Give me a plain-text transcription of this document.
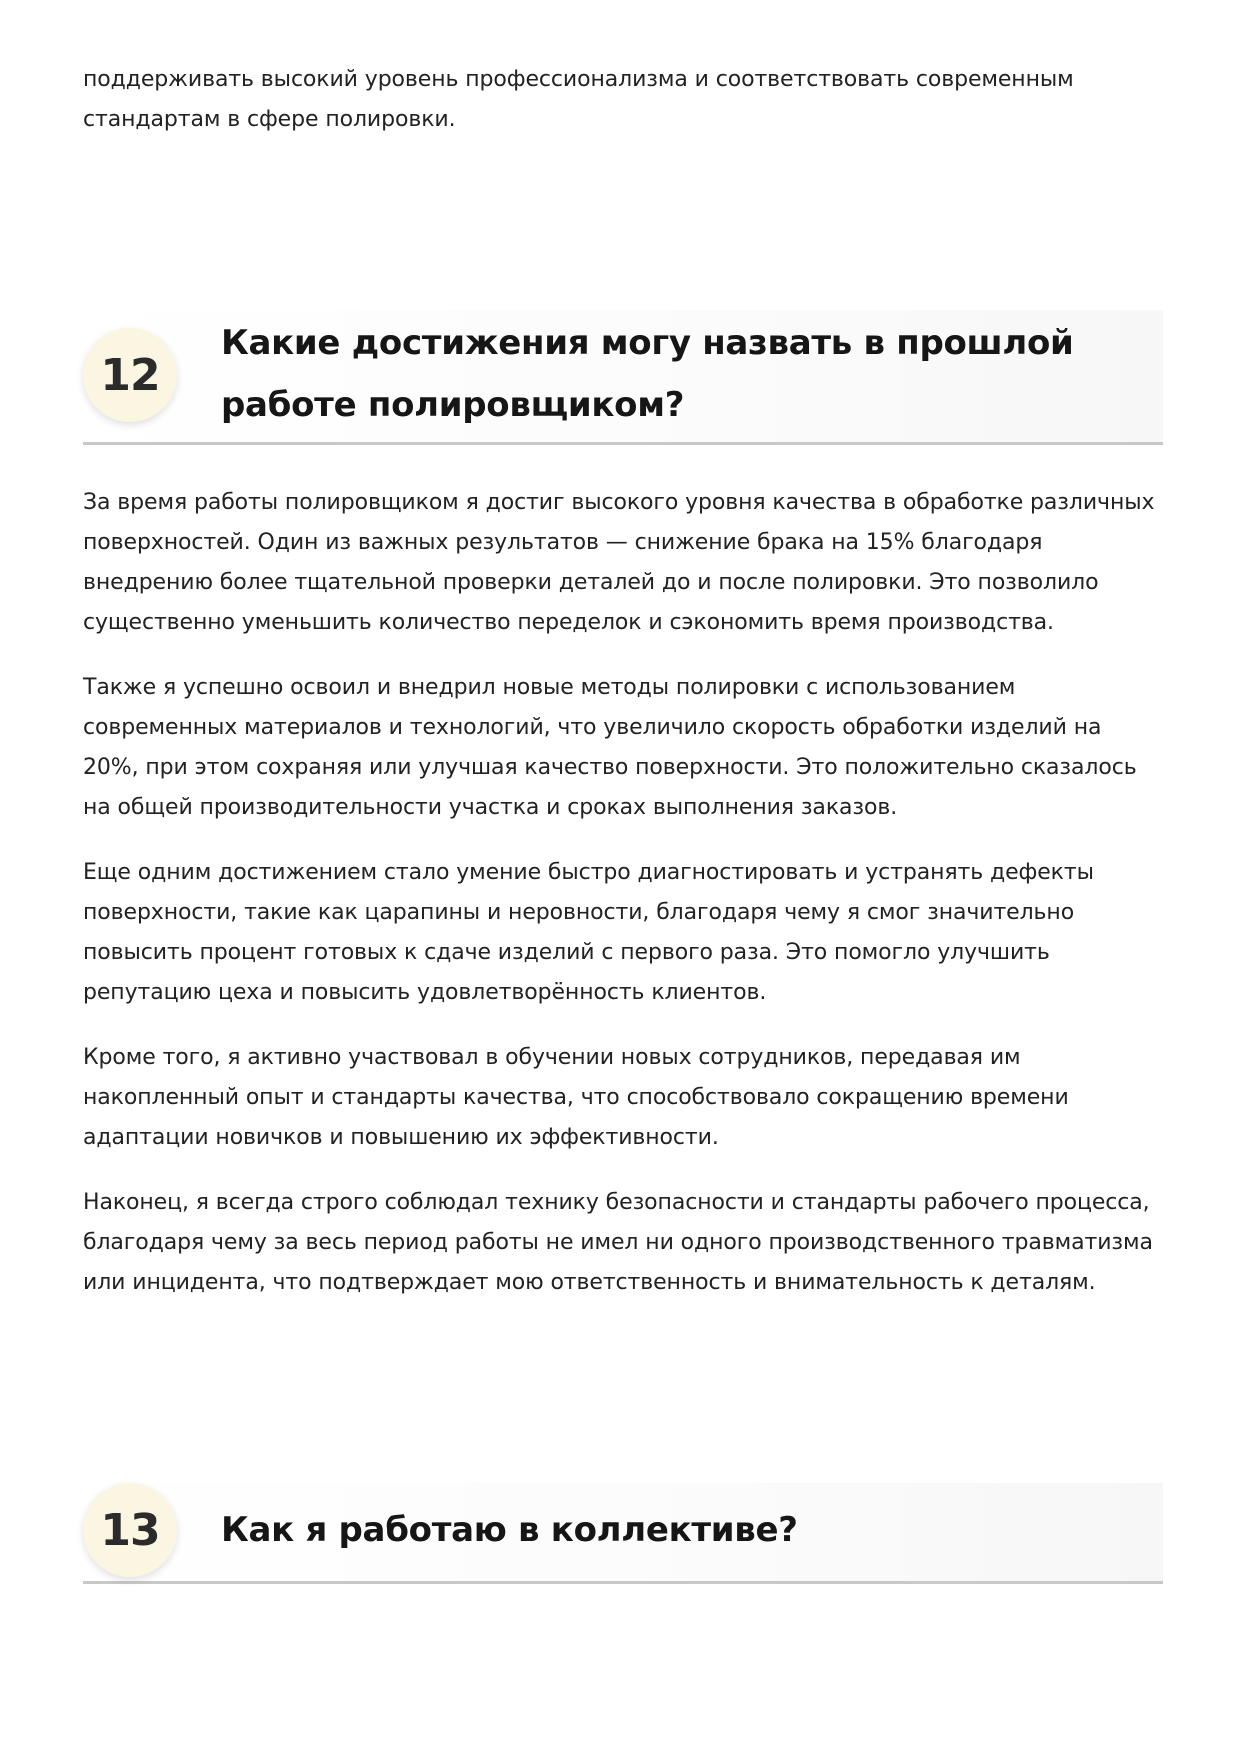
поддерживать высокий уровень профессионализма и соответствовать современным стандартам в сфере полировки.

12
Какие достижения могу назвать в прошлой работе полировщиком?

За время работы полировщиком я достиг высокого уровня качества в обработке различных поверхностей. Один из важных результатов — снижение брака на 15% благодаря внедрению более тщательной проверки деталей до и после полировки. Это позволило существенно уменьшить количество переделок и сэкономить время производства.

Также я успешно освоил и внедрил новые методы полировки с использованием современных материалов и технологий, что увеличило скорость обработки изделий на 20%, при этом сохраняя или улучшая качество поверхности. Это положительно сказалось на общей производительности участка и сроках выполнения заказов.

Еще одним достижением стало умение быстро диагностировать и устранять дефекты поверхности, такие как царапины и неровности, благодаря чему я смог значительно повысить процент готовых к сдаче изделий с первого раза. Это помогло улучшить репутацию цеха и повысить удовлетворённость клиентов.

Кроме того, я активно участвовал в обучении новых сотрудников, передавая им накопленный опыт и стандарты качества, что способствовало сокращению времени адаптации новичков и повышению их эффективности.

Наконец, я всегда строго соблюдал технику безопасности и стандарты рабочего процесса, благодаря чему за весь период работы не имел ни одного производственного травматизма или инцидента, что подтверждает мою ответственность и внимательность к деталям.

13 Как я работаю в коллективе?
